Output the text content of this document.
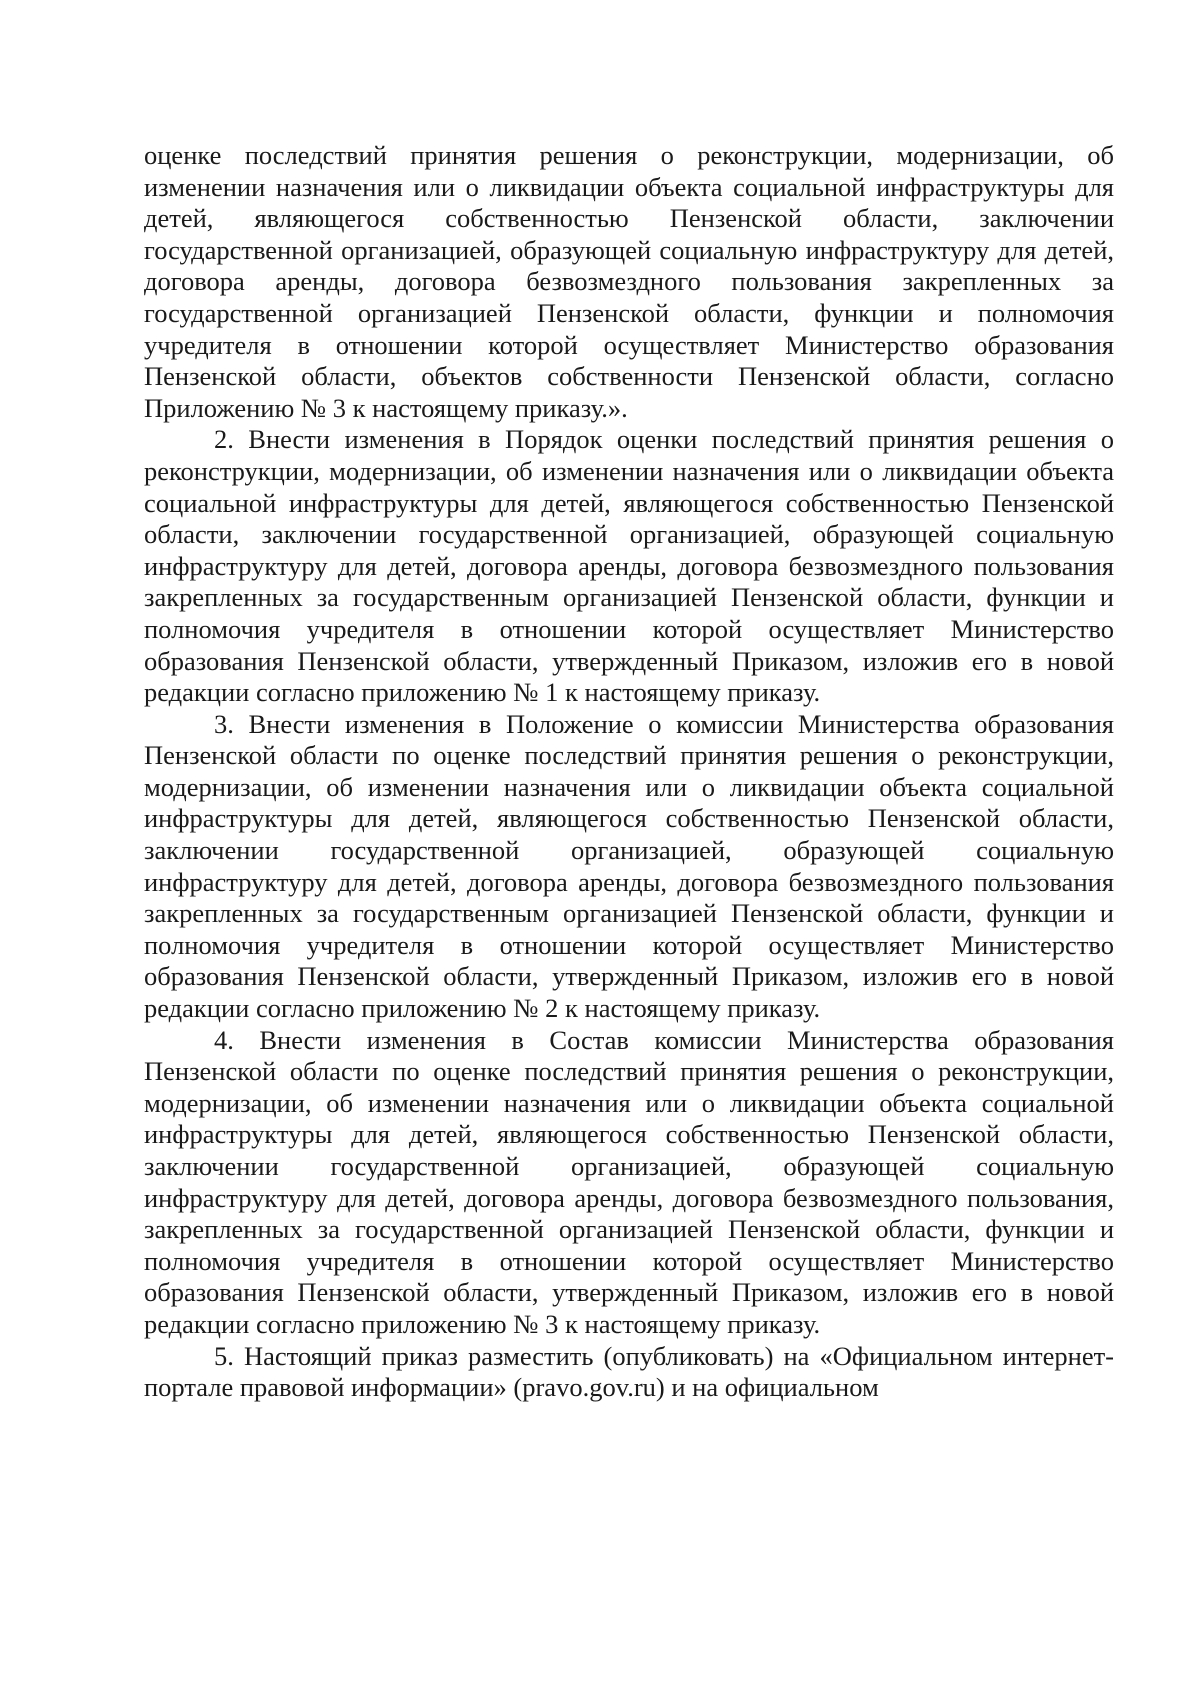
оценке последствий принятия решения о реконструкции, модернизации, об изменении назначения или о ликвидации объекта социальной инфраструктуры для детей, являющегося собственностью Пензенской области, заключении государственной организацией, образующей социальную инфраструктуру для детей, договора аренды, договора безвозмездного пользования закрепленных за государственной организацией Пензенской области, функции и полномочия учредителя в отношении которой осуществляет Министерство образования Пензенской области, объектов собственности Пензенской области, согласно Приложению № 3 к настоящему приказу.».

2. Внести изменения в Порядок оценки последствий принятия решения о реконструкции, модернизации, об изменении назначения или о ликвидации объекта социальной инфраструктуры для детей, являющегося собственностью Пензенской области, заключении государственной организацией, образующей социальную инфраструктуру для детей, договора аренды, договора безвозмездного пользования закрепленных за государственным организацией Пензенской области, функции и полномочия учредителя в отношении которой осуществляет Министерство образования Пензенской области, утвержденный Приказом, изложив его в новой редакции согласно приложению № 1 к настоящему приказу.

3. Внести изменения в Положение о комиссии Министерства образования Пензенской области по оценке последствий принятия решения о реконструкции, модернизации, об изменении назначения или о ликвидации объекта социальной инфраструктуры для детей, являющегося собственностью Пензенской области, заключении государственной организацией, образующей социальную инфраструктуру для детей, договора аренды, договора безвозмездного пользования закрепленных за государственным организацией Пензенской области, функции и полномочия учредителя в отношении которой осуществляет Министерство образования Пензенской области, утвержденный Приказом, изложив его в новой редакции согласно приложению № 2 к настоящему приказу.

4. Внести изменения в Состав комиссии Министерства образования Пензенской области по оценке последствий принятия решения о реконструкции, модернизации, об изменении назначения или о ликвидации объекта социальной инфраструктуры для детей, являющегося собственностью Пензенской области, заключении государственной организацией, образующей социальную инфраструктуру для детей, договора аренды, договора безвозмездного пользования, закрепленных за государственной организацией Пензенской области, функции и полномочия учредителя в отношении которой осуществляет Министерство образования Пензенской области, утвержденный Приказом, изложив его в новой редакции согласно приложению № 3 к настоящему приказу.

5. Настоящий приказ разместить (опубликовать) на «Официальном интернет-портале правовой информации» (pravo.gov.ru) и на официальном
